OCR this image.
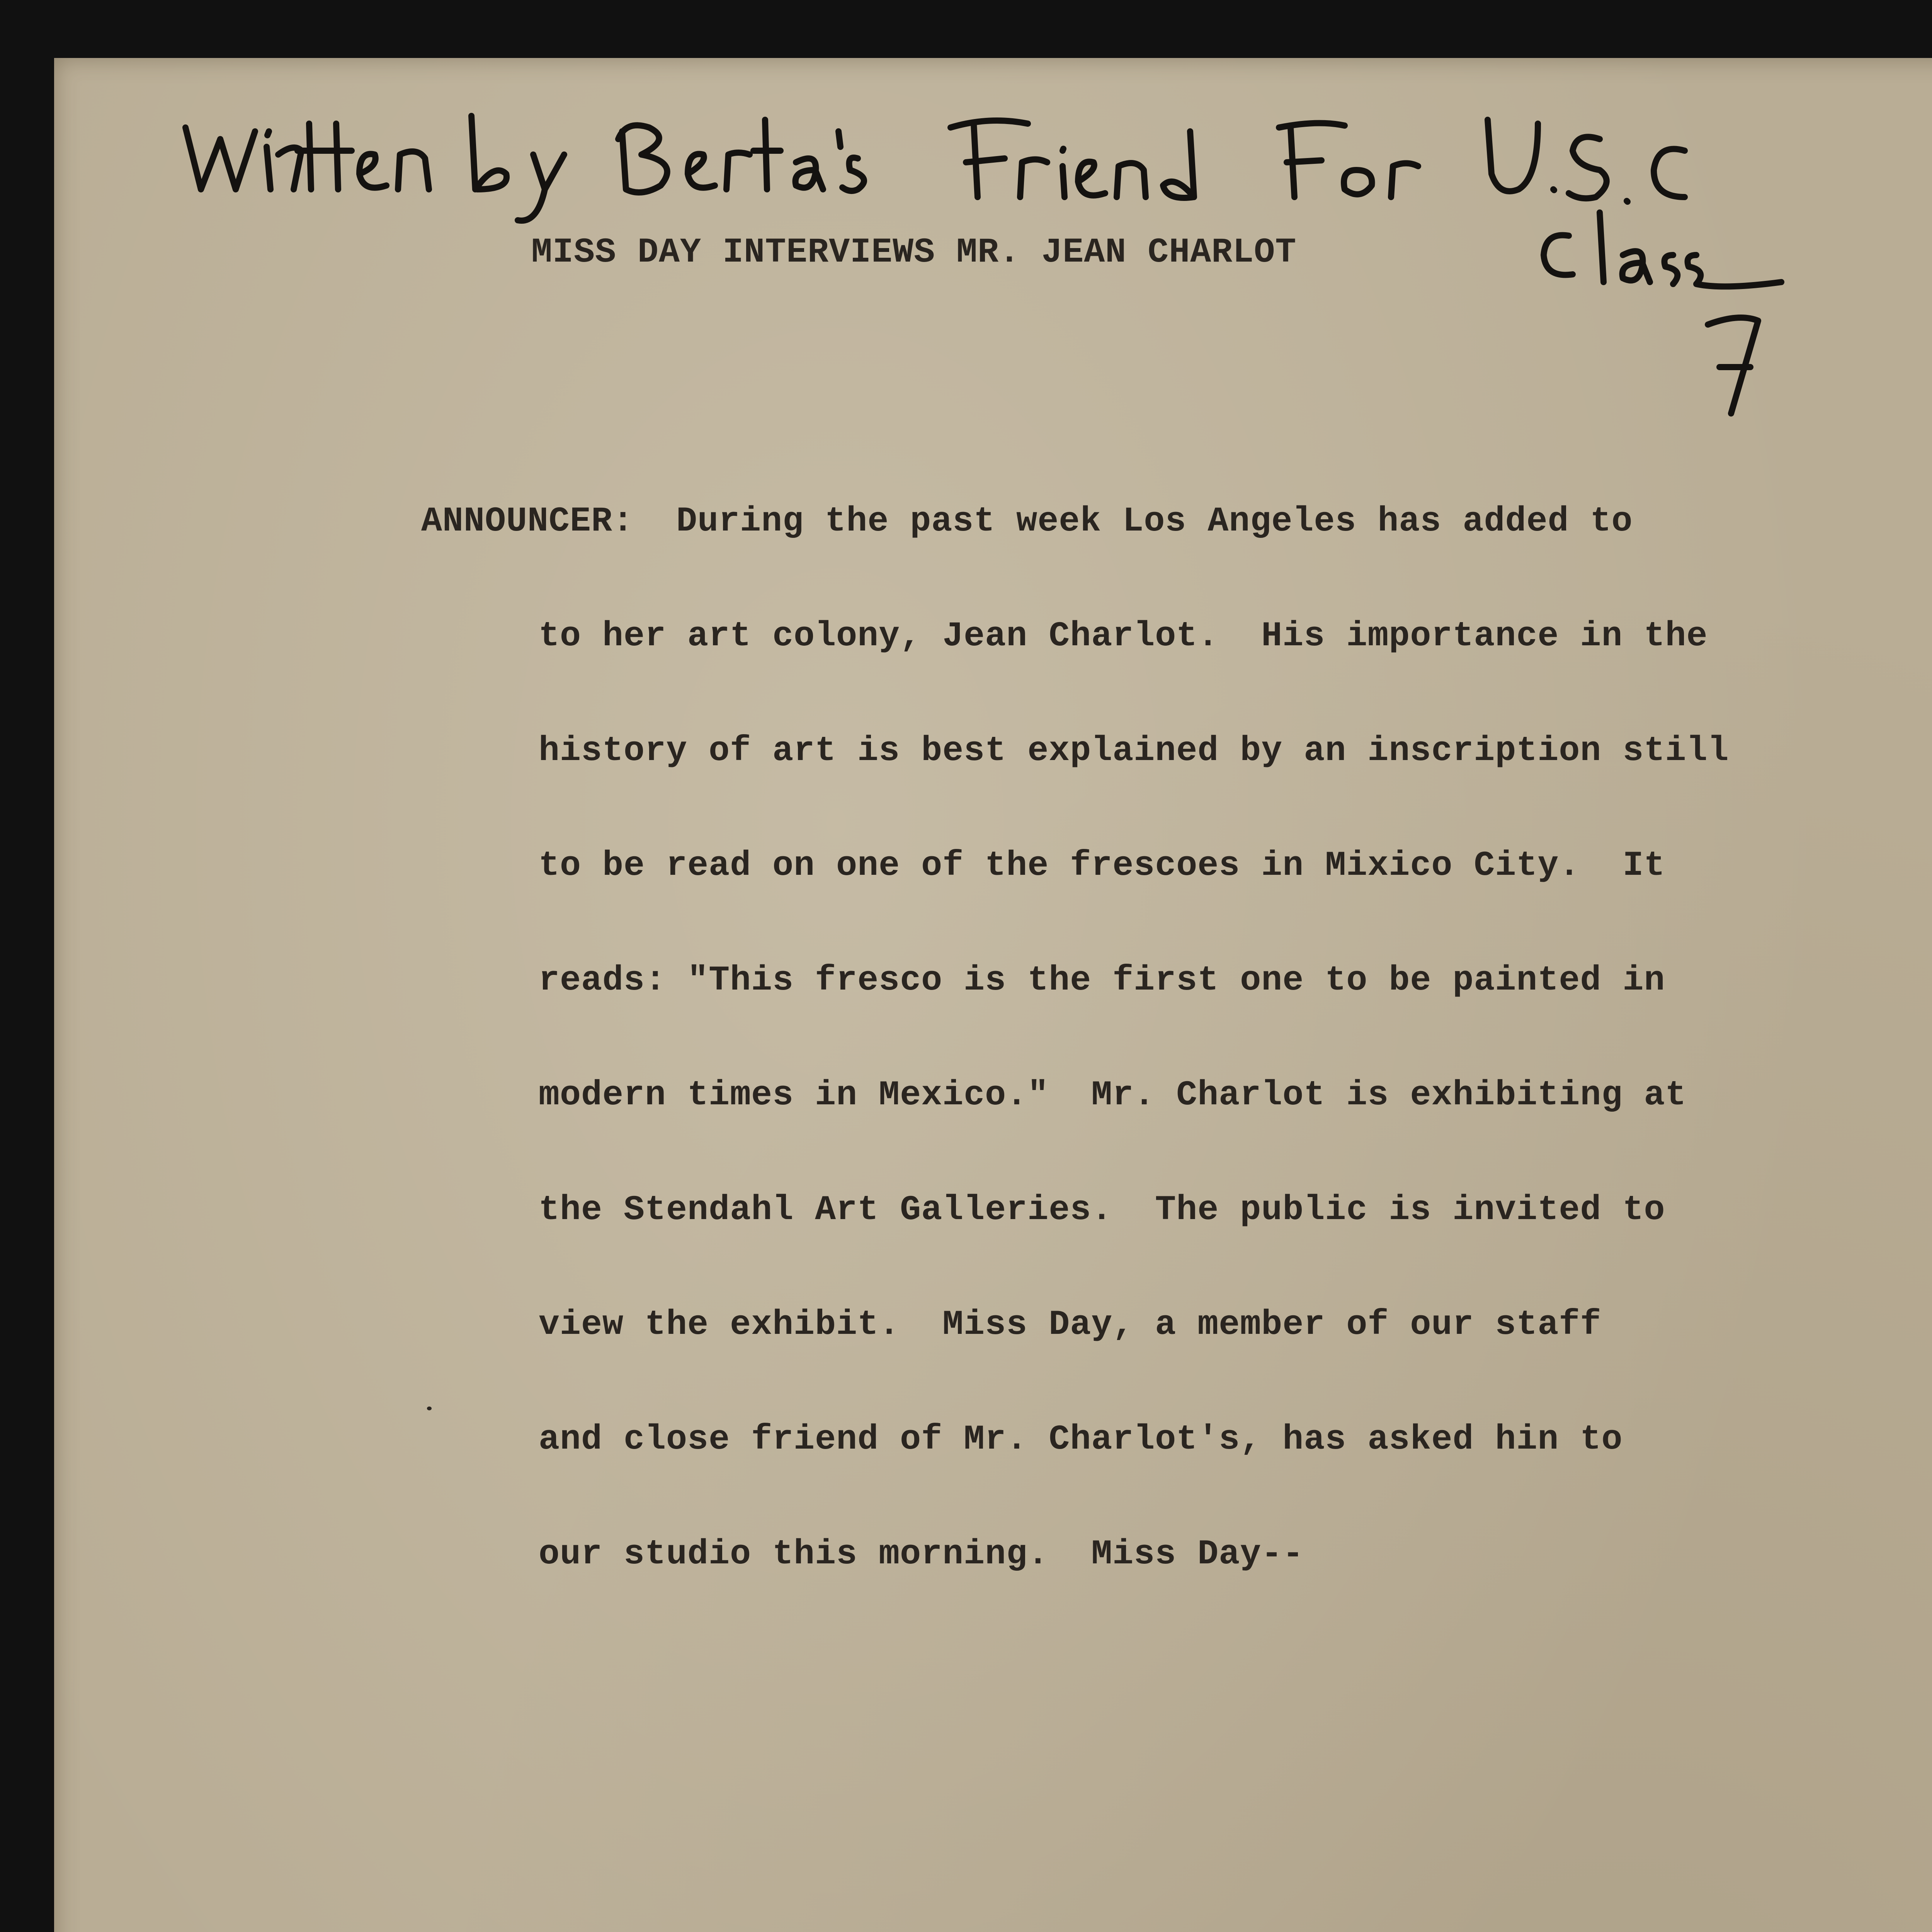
MISS DAY INTERVIEWS MR. JEAN CHARLOT

ANNOUNCER: During the past week Los Angeles has added to

to her art colony, Jean Charlot.  His importance in the

history of art is best explained by an inscription still

to be read on one of the frescoes in Mixico City.  It

reads: "This fresco is the first one to be painted in

modern times in Mexico."  Mr. Charlot is exhibiting at

the Stendahl Art Galleries.  The public is invited to

view the exhibit.  Miss Day, a member of our staff

and close friend of Mr. Charlot's, has asked hin to

our studio this morning.  Miss Day--
